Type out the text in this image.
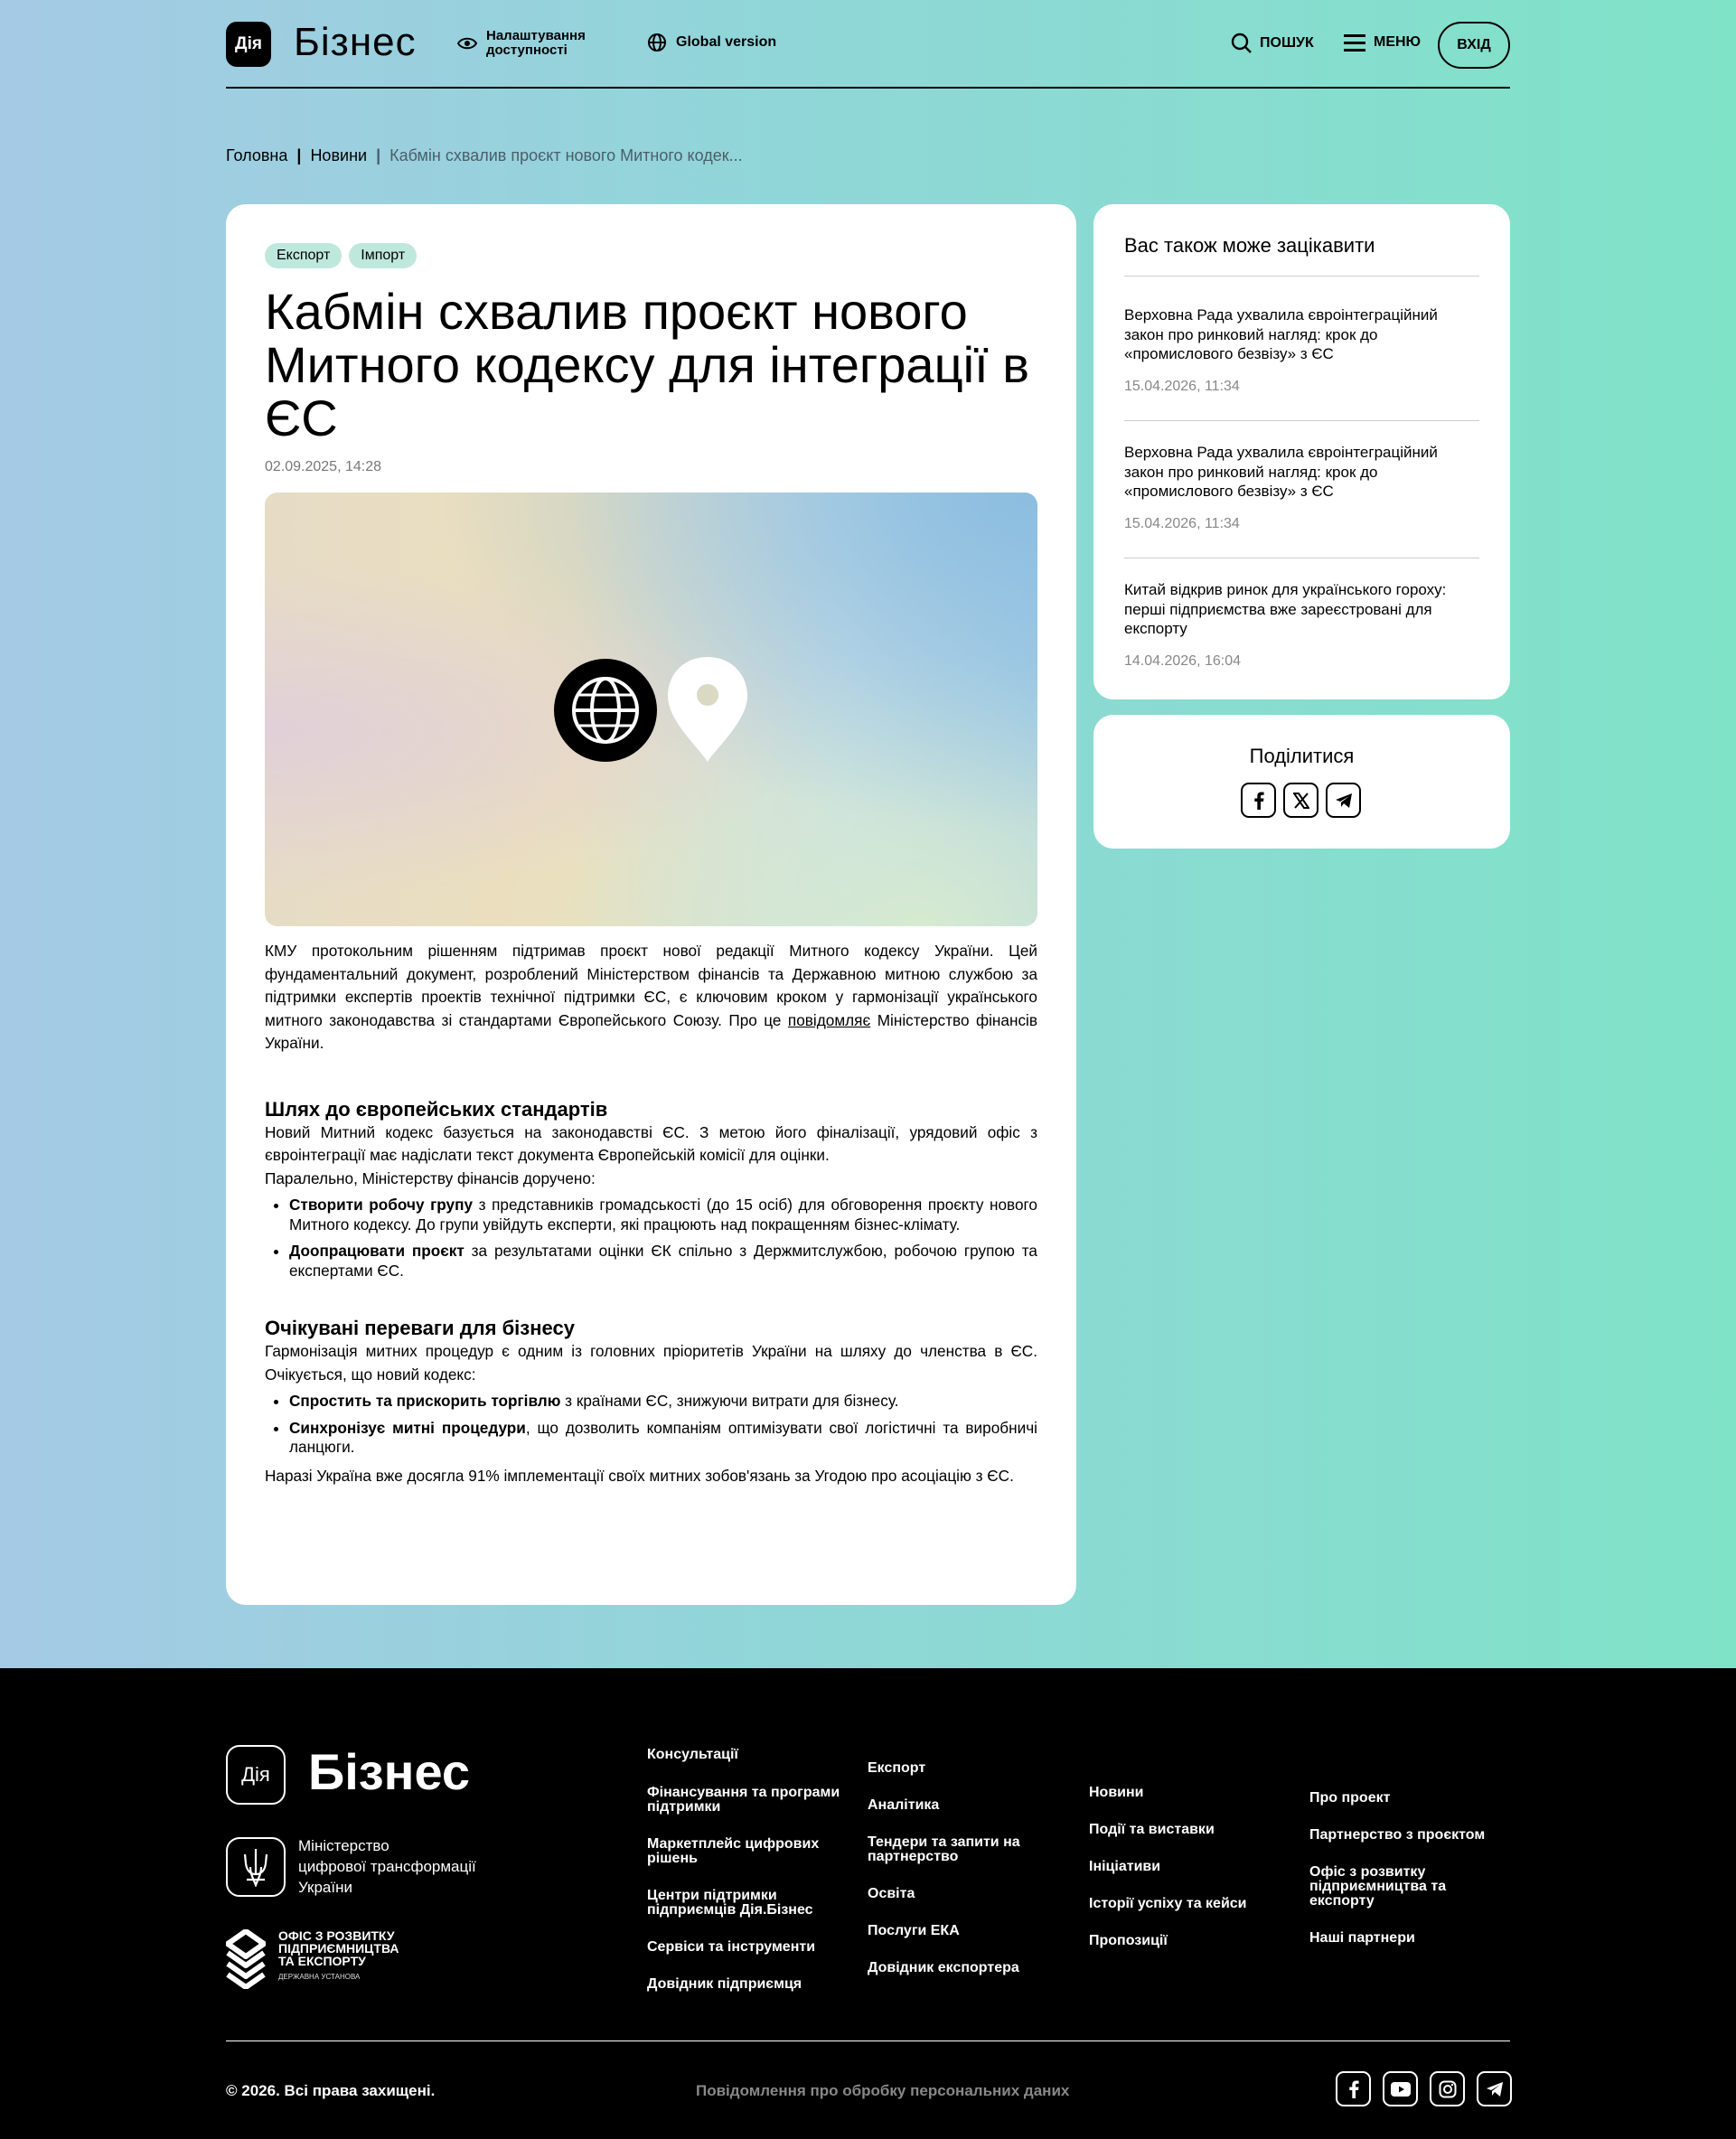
Дія Бізнес	Налаштування
доступності
Global version	ПОШУК	МЕНЮ	ВХІД
Головна | Новини | Кабмін схвалив проєкт нового Митного кодек...
Експорт	Імпорт
Кабмін схвалив проєкт нового Митного кодексу для інтеграції в ЄС
02.09.2025, 14:28

КМУ протокольним рішенням підтримав проєкт нової редакції Митного кодексу України. Цей фундаментальний документ, розроблений Міністерством фінансів та Державною митною службою за підтримки експертів проектів технічної підтримки ЄС, є ключовим кроком у гармонізації українського митного законодавства зі стандартами Європейського Союзу. Про це повідомляє Міністерство фінансів України.

Шлях до європейських стандартів

Новий Митний кодекс базується на законодавстві ЄС. З метою його фіналізації, урядовий офіс з євроінтеграції має надіслати текст документа Європейській комісії для оцінки.

Паралельно, Міністерству фінансів доручено:

• Створити робочу групу з представників громадськості (до 15 осіб) для обговорення проєкту нового Митного кодексу. До групи увійдуть експерти, які працюють над покращенням бізнес-клімату.
• Доопрацювати проєкт за результатами оцінки ЄК спільно з Держмитслужбою, робочою групою та експертами ЄС.
Очікувані переваги для бізнесу

Гармонізація митних процедур є одним із головних пріоритетів України на шляху до членства в ЄС. Очікується, що новий кодекс:

• Спростить та прискорить торгівлю з країнами ЄС, знижуючи витрати для бізнесу.
• Синхронізує митні процедури, що дозволить компаніям оптимізувати свої логістичні та виробничі ланцюги.

Наразі Україна вже досягла 91% імплементації своїх митних зобов'язань за Угодою про асоціацію з ЄС.

Вас також може зацікавити
Верховна Рада ухвалила євроінтеграційний закон про ринковий нагляд: крок до «промислового безвізу» з ЄС
15.04.2026, 11:34
Верховна Рада ухвалила євроінтеграційний закон про ринковий нагляд: крок до «промислового безвізу» з ЄС
15.04.2026, 11:34
Китай відкрив ринок для українського гороху: перші підприємства вже зареєстровані для експорту
14.04.2026, 16:04
Поділитися
Дія Бізнес
Міністерство
цифрової трансформації
України
ОФІС З РОЗВИТКУ
ПІДПРИЄМНИЦТВА
ТА ЕКСПОРТУ
ДЕРЖАВНА УСТАНОВА
Консультації
Фінансування та програми підтримки
Маркетплейс цифрових рішень
Центри підтримки підприємців Дія.Бізнес
Сервіси та інструменти
Довідник підприємця
Експорт
Аналітика
Тендери та запити на партнерство
Освіта
Послуги ЕКА
Довідник експортера
Новини
Події та виставки
Ініціативи
Історії успіху та кейси
Пропозиції
Про проект
Партнерство з проєктом
Офіс з розвитку підприємництва та експорту
Наші партнери
© 2026. Всі права захищені.	Повідомлення про обробку персональних даних
